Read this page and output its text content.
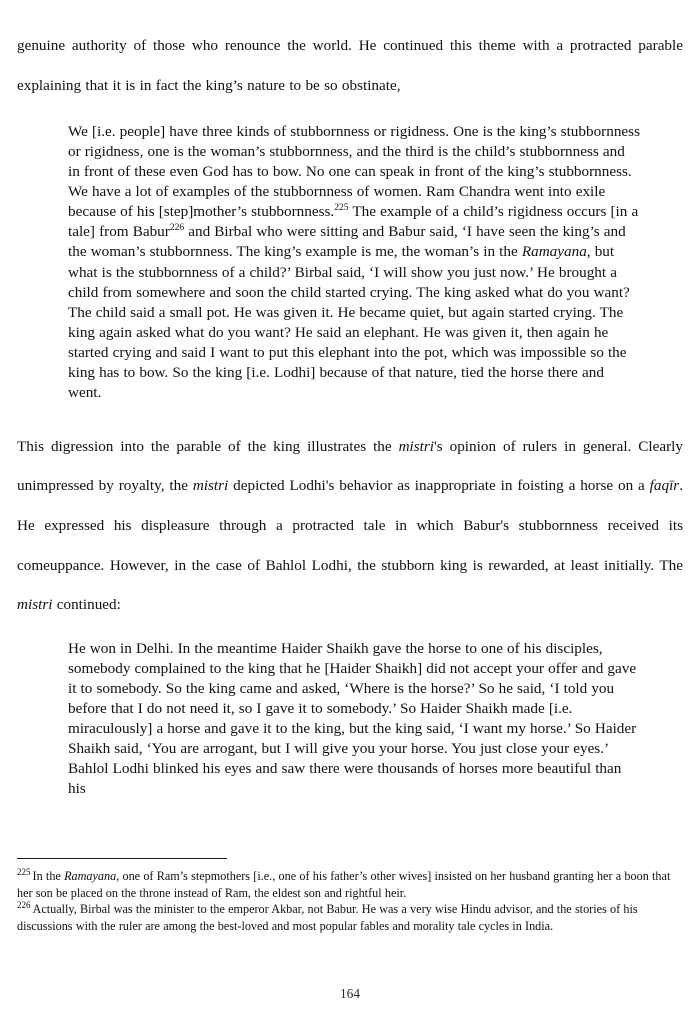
genuine authority of those who renounce the world. He continued this theme with a protracted parable explaining that it is in fact the king’s nature to be so obstinate,

We [i.e. people] have three kinds of stubbornness or rigidness. One is the king’s stubbornness or rigidness, one is the woman’s stubbornness, and the third is the child’s stubbornness and in front of these even God has to bow. No one can speak in front of the king’s stubbornness. We have a lot of examples of the stubbornness of women. Ram Chandra went into exile because of his [step]mother’s stubbornness.$^{225}$ The example of a child’s rigidness occurs [in a tale] from Babur$^{226}$ and Birbal who were sitting and Babur said, ‘I have seen the king’s and the woman’s stubbornness. The king’s example is me, the woman’s in the Ramayana, but what is the stubbornness of a child?’ Birbal said, ‘I will show you just now.’ He brought a child from somewhere and soon the child started crying. The king asked what do you want? The child said a small pot. He was given it. He became quiet, but again started crying. The king again asked what do you want? He said an elephant. He was given it, then again he started crying and said I want to put this elephant into the pot, which was impossible so the king has to bow. So the king [i.e. Lodhi] because of that nature, tied the horse there and went.

This digression into the parable of the king illustrates the mistri's opinion of rulers in general. Clearly unimpressed by royalty, the mistri depicted Lodhi's behavior as inappropriate in foisting a horse on a faqīr. He expressed his displeasure through a protracted tale in which Babur's stubbornness received its comeuppance. However, in the case of Bahlol Lodhi, the stubborn king is rewarded, at least initially. The mistri continued:

He won in Delhi. In the meantime Haider Shaikh gave the horse to one of his disciples, somebody complained to the king that he [Haider Shaikh] did not accept your offer and gave it to somebody. So the king came and asked, ‘Where is the horse?’ So he said, ‘I told you before that I do not need it, so I gave it to somebody.’ So Haider Shaikh made [i.e. miraculously] a horse and gave it to the king, but the king said, ‘I want my horse.’ So Haider Shaikh said, ‘You are arrogant, but I will give you your horse. You just close your eyes.’ Bahlol Lodhi blinked his eyes and saw there were thousands of horses more beautiful than his

$^{225}$ In the Ramayana, one of Ram’s stepmothers [i.e., one of his father’s other wives] insisted on her husband granting her a boon that her son be placed on the throne instead of Ram, the eldest son and rightful heir.

$^{226}$ Actually, Birbal was the minister to the emperor Akbar, not Babur. He was a very wise Hindu advisor, and the stories of his discussions with the ruler are among the best-loved and most popular fables and morality tale cycles in India.

164
